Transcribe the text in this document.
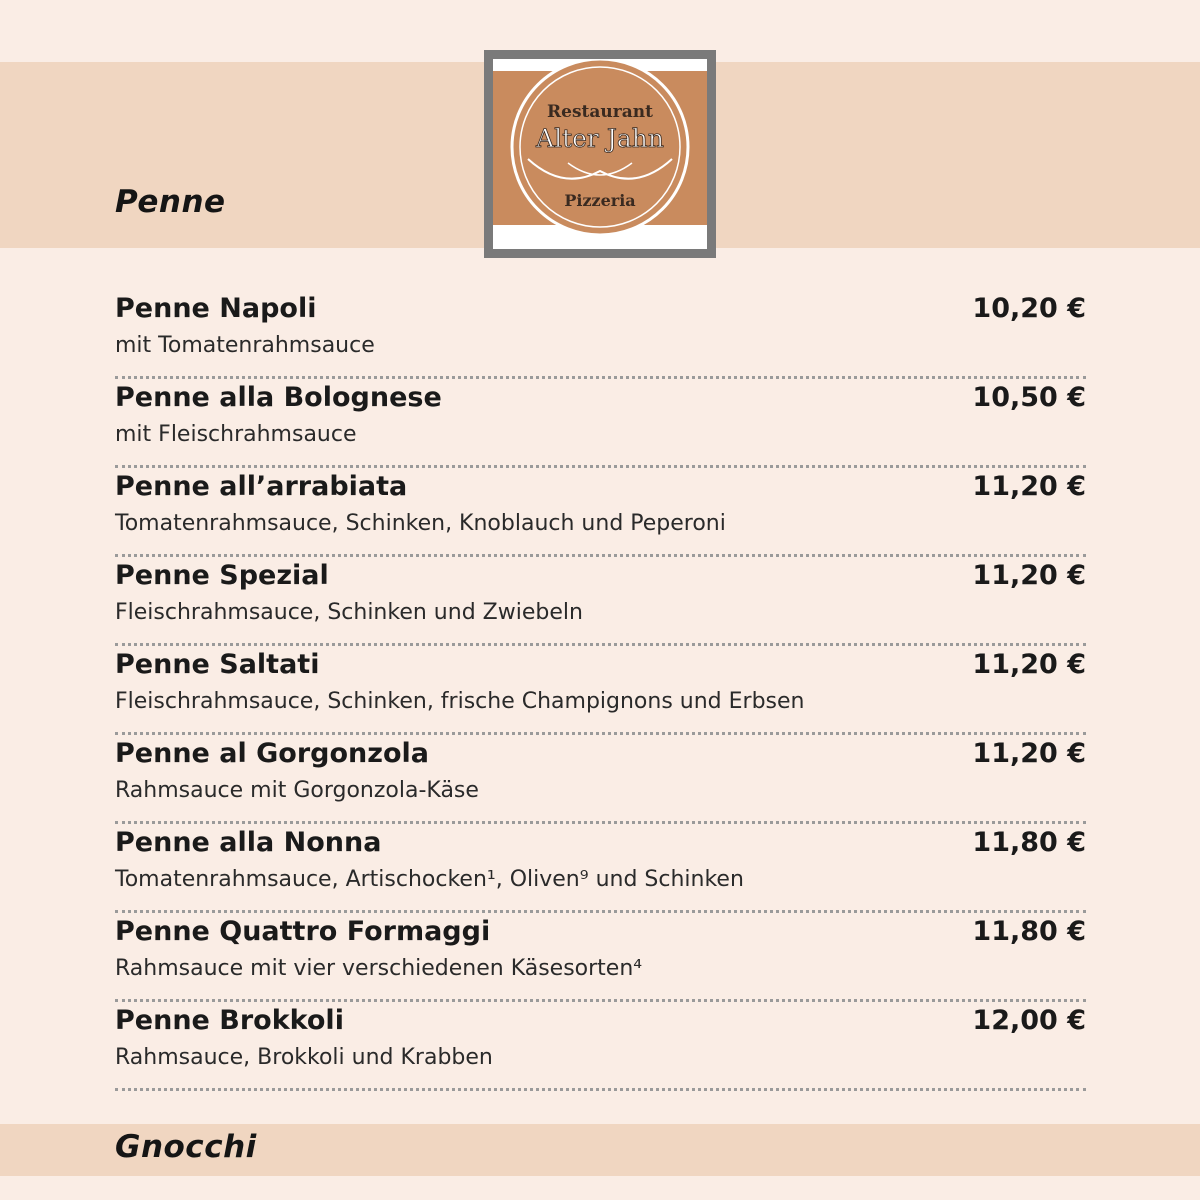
Penne
Restaurant
Alter Jahn
Pizzeria
Penne Napoli	10,20 €
mit Tomatenrahmsauce
Penne alla Bolognese	10,50 €
mit Fleischrahmsauce
Penne all’arrabiata	11,20 €
Tomatenrahmsauce, Schinken, Knoblauch und Peperoni
Penne Spezial	11,20 €
Fleischrahmsauce, Schinken und Zwiebeln
Penne Saltati	11,20 €
Fleischrahmsauce, Schinken, frische Champignons und Erbsen
Penne al Gorgonzola	11,20 €
Rahmsauce mit Gorgonzola-Käse
Penne alla Nonna	11,80 €
Tomatenrahmsauce, Artischocken¹, Oliven⁹ und Schinken
Penne Quattro Formaggi	11,80 €
Rahmsauce mit vier verschiedenen Käsesorten⁴
Penne Brokkoli	12,00 €
Rahmsauce, Brokkoli und Krabben
Gnocchi
